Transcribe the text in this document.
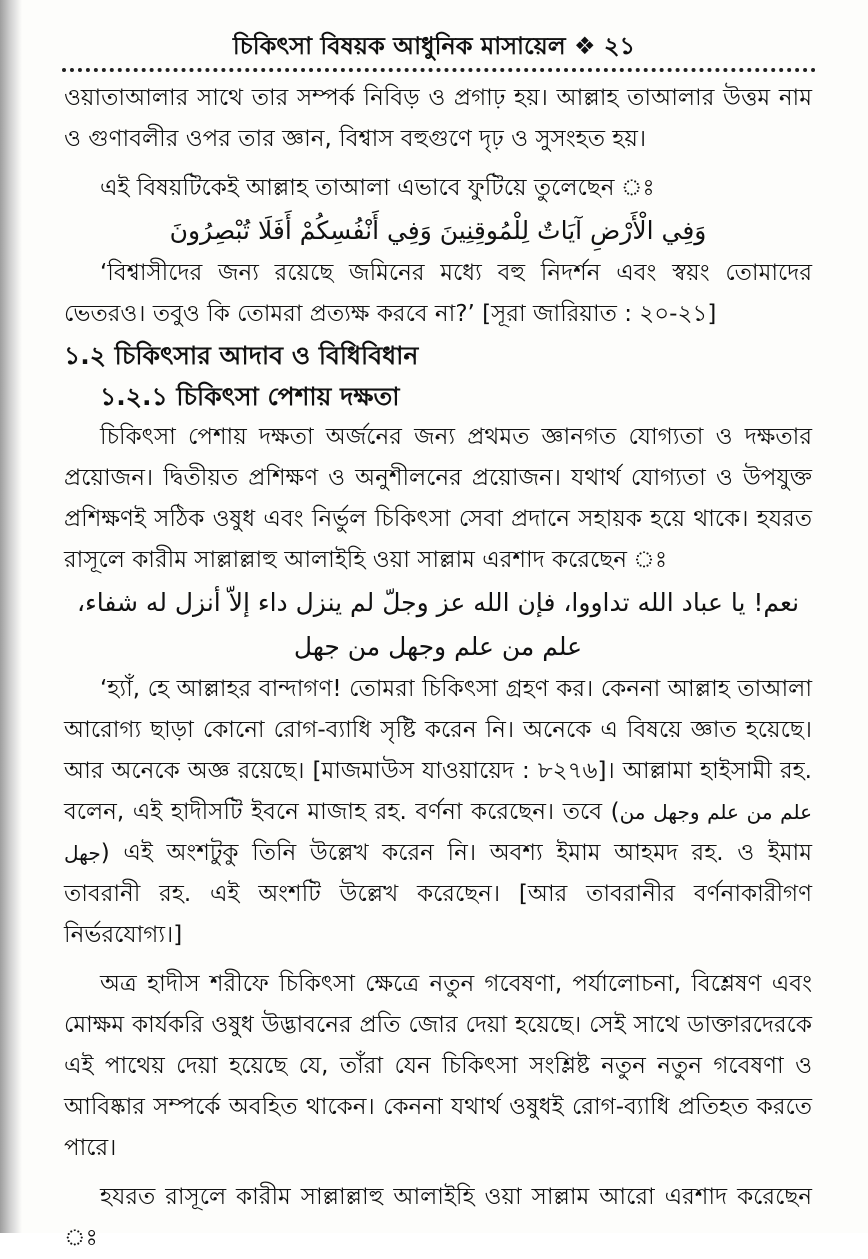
চিকিৎসা বিষয়ক আধুনিক মাসায়েল ❖ ২১

ওয়াতাআলার সাথে তার সম্পর্ক নিবিড় ও প্রগাঢ় হয়। আল্লাহ তাআলার উত্তম নাম ও গুণাবলীর ওপর তার জ্ঞান, বিশ্বাস বহুগুণে দৃঢ় ও সুসংহত হয়।

এই বিষয়টিকেই আল্লাহ তাআলা এভাবে ফুটিয়ে তুলেছেন ঃ

وَفِي الْأَرْضِ آيَاتٌ لِلْمُوقِنِينَ وَفِي أَنْفُسِكُمْ أَفَلَا تُبْصِرُونَ

‘বিশ্বাসীদের জন্য রয়েছে জমিনের মধ্যে বহু নিদর্শন এবং স্বয়ং তোমাদের ভেতরও। তবুও কি তোমরা প্রত্যক্ষ করবে না?’ [সূরা জারিয়াত : ২০-২১]

১.২ চিকিৎসার আদাব ও বিধিবিধান

১.২.১ চিকিৎসা পেশায় দক্ষতা

চিকিৎসা পেশায় দক্ষতা অর্জনের জন্য প্রথমত জ্ঞানগত যোগ্যতা ও দক্ষতার প্রয়োজন। দ্বিতীয়ত প্রশিক্ষণ ও অনুশীলনের প্রয়োজন। যথার্থ যোগ্যতা ও উপযুক্ত প্রশিক্ষণই সঠিক ওষুধ এবং নির্ভুল চিকিৎসা সেবা প্রদানে সহায়ক হয়ে থাকে। হযরত রাসূলে কারীম সাল্লাল্লাহু আলাইহি ওয়া সাল্লাম এরশাদ করেছেন ঃ

نعم! يا عباد الله تداووا، فإن الله عز وجلّ لم ينزل داء إلاّ أنزل له شفاء،

علم من علم وجهل من جهل

‘হ্যাঁ, হে আল্লাহর বান্দাগণ! তোমরা চিকিৎসা গ্রহণ কর। কেননা আল্লাহ তাআলা আরোগ্য ছাড়া কোনো রোগ-ব্যাধি সৃষ্টি করেন নি। অনেকে এ বিষয়ে জ্ঞাত হয়েছে। আর অনেকে অজ্ঞ রয়েছে। [মাজমাউস যাওয়ায়েদ : ৮২৭৬]। আল্লামা হাইসামী রহ. বলেন, এই হাদীসটি ইবনে মাজাহ রহ. বর্ণনা করেছেন। তবে (علم من علم وجهل من جهل) এই অংশটুকু তিনি উল্লেখ করেন নি। অবশ্য ইমাম আহমদ রহ. ও ইমাম তাবরানী রহ. এই অংশটি উল্লেখ করেছেন। [আর তাবরানীর বর্ণনাকারীগণ নির্ভরযোগ্য।]

অত্র হাদীস শরীফে চিকিৎসা ক্ষেত্রে নতুন গবেষণা, পর্যালোচনা, বিশ্লেষণ এবং মোক্ষম কার্যকরি ওষুধ উদ্ভাবনের প্রতি জোর দেয়া হয়েছে। সেই সাথে ডাক্তারদেরকে এই পাথেয় দেয়া হয়েছে যে, তাঁরা যেন চিকিৎসা সংশ্লিষ্ট নতুন নতুন গবেষণা ও আবিষ্কার সম্পর্কে অবহিত থাকেন। কেননা যথার্থ ওষুধই রোগ-ব্যাধি প্রতিহত করতে পারে।

হযরত রাসূলে কারীম সাল্লাল্লাহু আলাইহি ওয়া সাল্লাম আরো এরশাদ করেছেন ঃ
